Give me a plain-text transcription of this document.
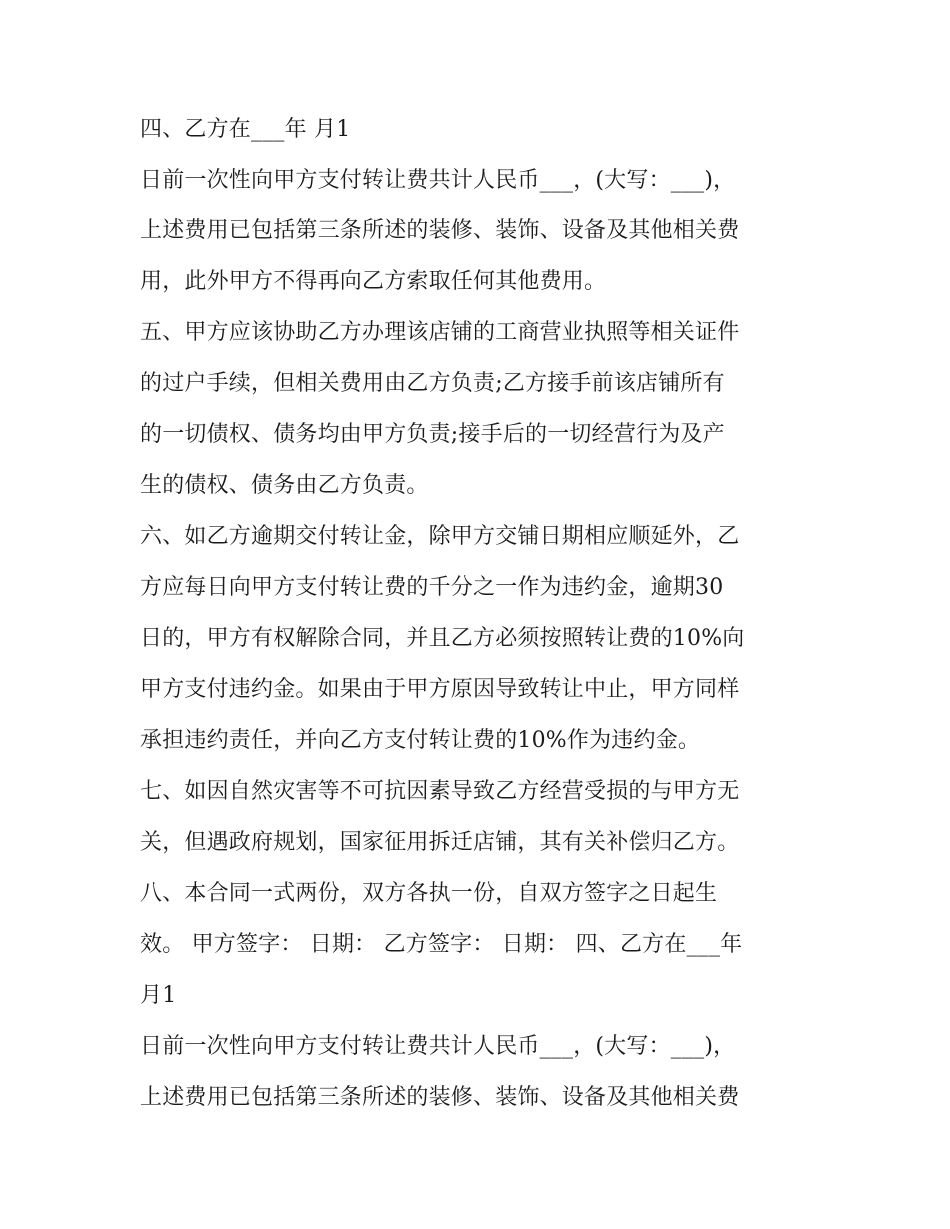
四、乙方在___年 月1

日前一次性向甲方支付转让费共计人民币___，(大写：___)，

上述费用已包括第三条所述的装修、装饰、设备及其他相关费

用，此外甲方不得再向乙方索取任何其他费用。

五、甲方应该协助乙方办理该店铺的工商营业执照等相关证件

的过户手续，但相关费用由乙方负责;乙方接手前该店铺所有

的一切债权、债务均由甲方负责;接手后的一切经营行为及产

生的债权、债务由乙方负责。

六、如乙方逾期交付转让金，除甲方交铺日期相应顺延外，乙

方应每日向甲方支付转让费的千分之一作为违约金，逾期30

日的，甲方有权解除合同，并且乙方必须按照转让费的10%向

甲方支付违约金。如果由于甲方原因导致转让中止，甲方同样

承担违约责任，并向乙方支付转让费的10%作为违约金。

七、如因自然灾害等不可抗因素导致乙方经营受损的与甲方无

关，但遇政府规划，国家征用拆迁店铺，其有关补偿归乙方。

八、本合同一式两份，双方各执一份，自双方签字之日起生

效。 甲方签字： 日期： 乙方签字： 日期： 四、乙方在___年

月1

日前一次性向甲方支付转让费共计人民币___，(大写：___)，

上述费用已包括第三条所述的装修、装饰、设备及其他相关费
